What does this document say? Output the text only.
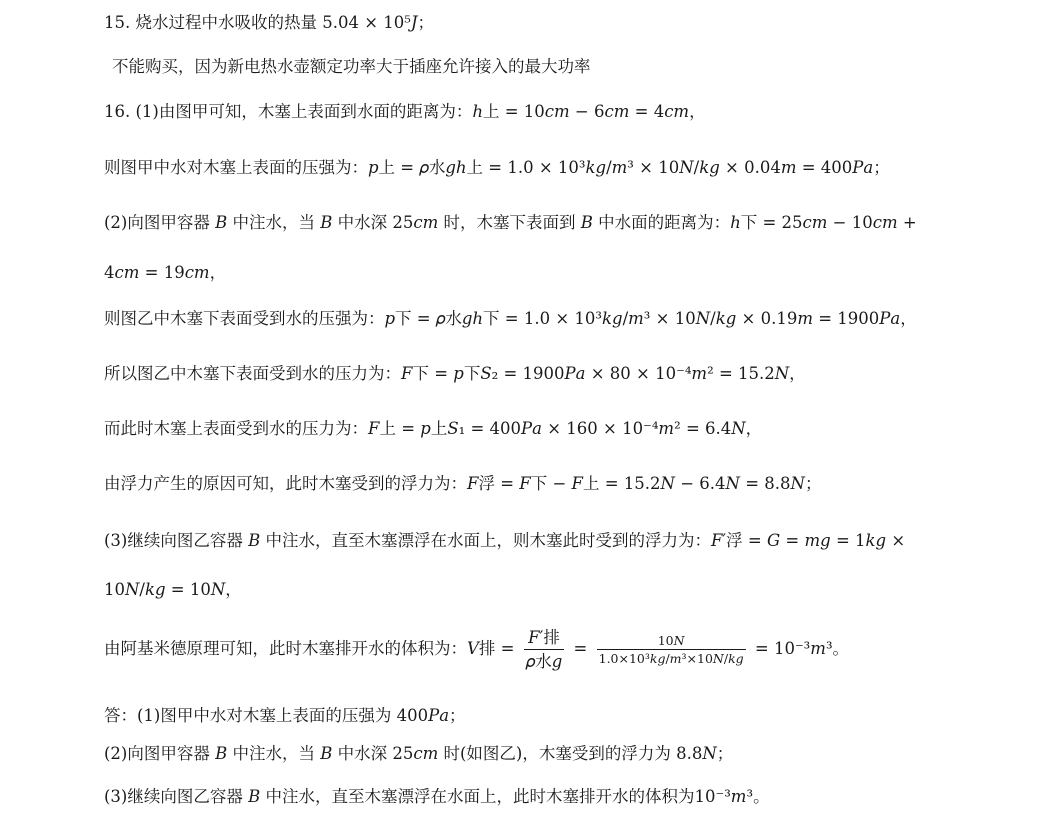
15. 烧水过程中水吸收的热量 5.04 × 10⁵𝐽；
不能购买，因为新电热水壶额定功率大于插座允许接入的最大功率
16. (1)由图甲可知，木塞上表面到水面的距离为：ℎ上 = 10𝑐𝑚 − 6𝑐𝑚 = 4𝑐𝑚，
则图甲中水对木塞上表面的压强为：𝑝上 = 𝜌水𝑔ℎ上 = 1.0 × 10³𝑘𝑔/𝑚³ × 10𝑁/𝑘𝑔 × 0.04𝑚 = 400𝑃𝑎；
(2)向图甲容器 𝐵 中注水，当 𝐵 中水深 25𝑐𝑚 时，木塞下表面到 𝐵 中水面的距离为：ℎ下 = 25𝑐𝑚 − 10𝑐𝑚 +
4𝑐𝑚 = 19𝑐𝑚，
则图乙中木塞下表面受到水的压强为：𝑝下 = 𝜌水𝑔ℎ下 = 1.0 × 10³𝑘𝑔/𝑚³ × 10𝑁/𝑘𝑔 × 0.19𝑚 = 1900𝑃𝑎，
所以图乙中木塞下表面受到水的压力为：𝐹下 = 𝑝下𝑆₂ = 1900𝑃𝑎 × 80 × 10⁻⁴𝑚² = 15.2𝑁，
而此时木塞上表面受到水的压力为：𝐹上 = 𝑝上𝑆₁ = 400𝑃𝑎 × 160 × 10⁻⁴𝑚² = 6.4𝑁，
由浮力产生的原因可知，此时木塞受到的浮力为：𝐹浮 = 𝐹下 − 𝐹上 = 15.2𝑁 − 6.4𝑁 = 8.8𝑁；
(3)继续向图乙容器 𝐵 中注水，直至木塞漂浮在水面上，则木塞此时受到的浮力为：𝐹′浮 = 𝐺 = 𝑚𝑔 = 1𝑘𝑔 ×
10𝑁/𝑘𝑔 = 10𝑁，
由阿基米德原理可知，此时木塞排开水的体积为：𝑉排 = $\frac{\text{𝐹′排}}{\text{𝜌水𝑔}} = \frac{\text{10𝑁}}{\text{1.0×10³𝑘𝑔/𝑚³×10𝑁/𝑘𝑔}}$ = 10⁻³𝑚³。
答：(1)图甲中水对木塞上表面的压强为 400𝑃𝑎；
(2)向图甲容器 𝐵 中注水，当 𝐵 中水深 25𝑐𝑚 时(如图乙)，木塞受到的浮力为 8.8𝑁；
(3)继续向图乙容器 𝐵 中注水，直至木塞漂浮在水面上，此时木塞排开水的体积为10⁻³𝑚³。
